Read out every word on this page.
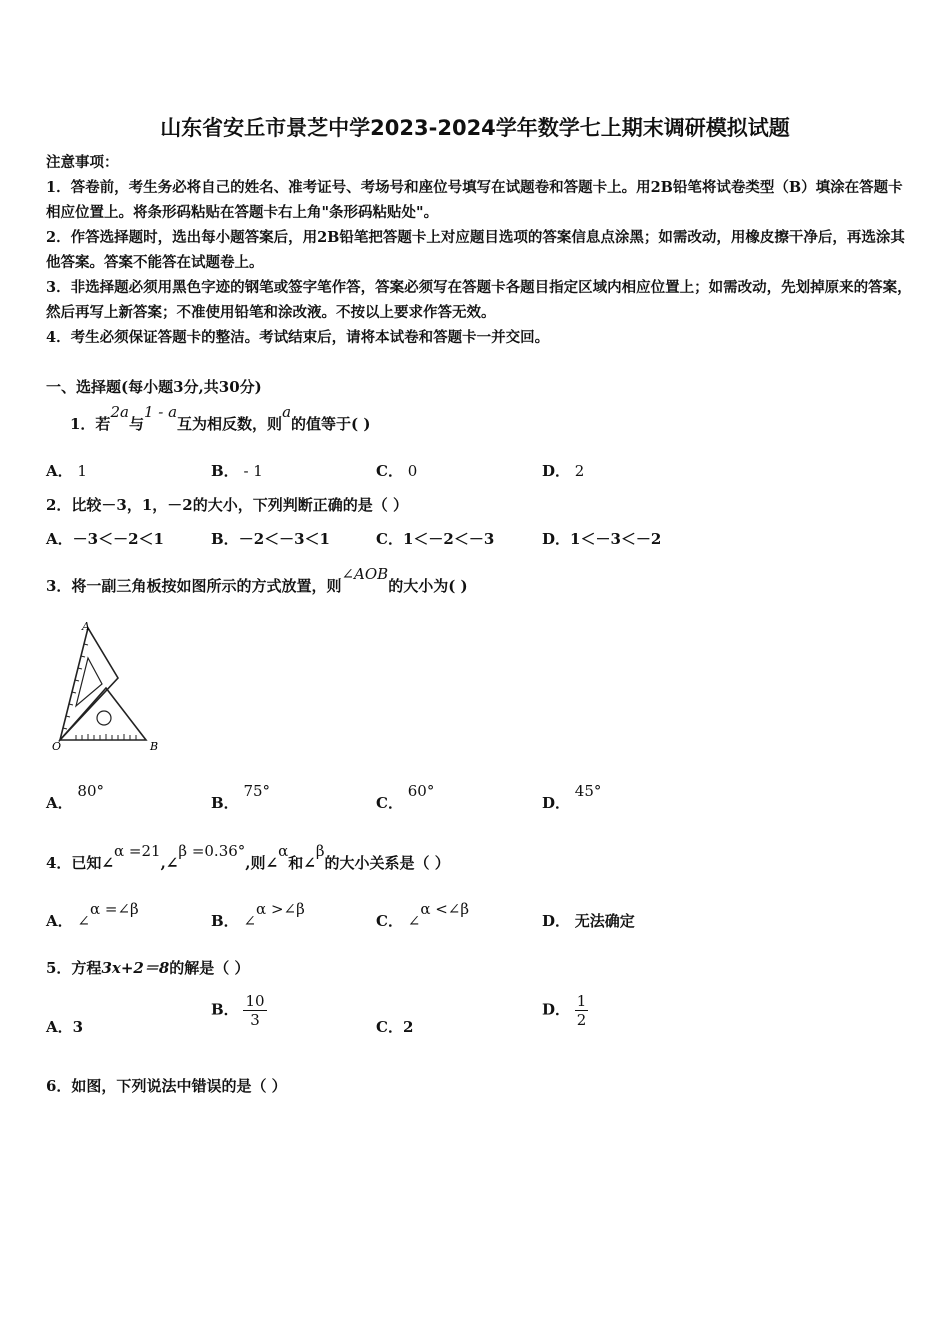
山东省安丘市景芝中学2023-2024学年数学七上期末调研模拟试题
注意事项：
1．答卷前，考生务必将自己的姓名、准考证号、考场号和座位号填写在试题卷和答题卡上。用2B铅笔将试卷类型（B）填涂在答题卡相应位置上。将条形码粘贴在答题卡右上角"条形码粘贴处"。
2．作答选择题时，选出每小题答案后，用2B铅笔把答题卡上对应题目选项的答案信息点涂黑；如需改动，用橡皮擦干净后，再选涂其他答案。答案不能答在试题卷上。
3．非选择题必须用黑色字迹的钢笔或签字笔作答，答案必须写在答题卡各题目指定区域内相应位置上；如需改动，先划掉原来的答案，然后再写上新答案；不准使用铅笔和涂改液。不按以上要求作答无效。
4．考生必须保证答题卡的整洁。考试结束后，请将本试卷和答题卡一并交回。
一、选择题(每小题3分,共30分)
1．若2a与1 - a互为相反数，则a的值等于( )
A． 1	B． - 1	C． 0	D． 2
2．比较－3，1，－2的大小，下列判断正确的是（ ）
A．－3＜－2＜1	B．－2＜－3＜1	C．1＜－2＜－3	D．1＜－3＜－2
3．将一副三角板按如图所示的方式放置，则∠AOB的大小为( )
A
O	B
A． 80°
B． 75°
C． 60°
D． 45°
4．已知∠α =21,∠β =0.36°,则∠α和∠β的大小关系是（ ）
A． ∠α =∠β
B． ∠α >∠β
C． ∠α <∠β
D． 无法确定
5．方程3x+2＝8的解是（ ）
A．3
B． $\frac{10}{3}$	C．2
D． $\frac{1}{2}$
6．如图，下列说法中错误的是（ ）
